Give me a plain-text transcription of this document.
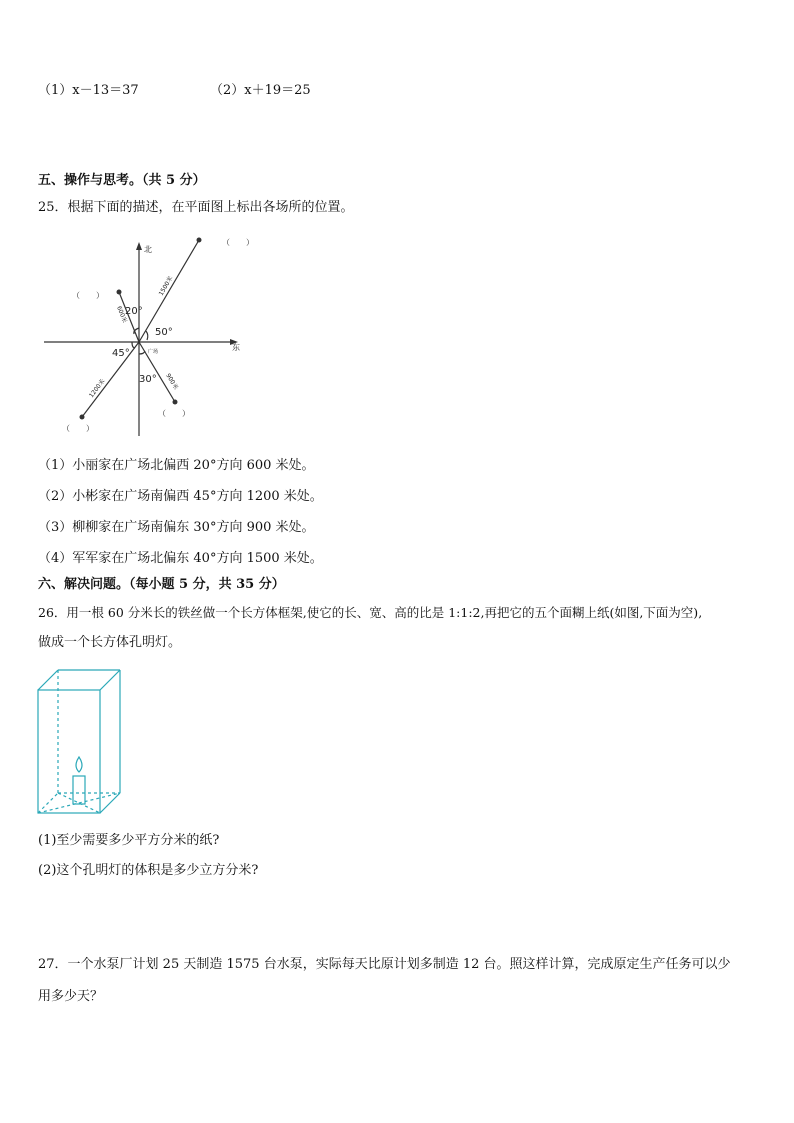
（1）x－13＝37	（2）x＋19＝25
五、操作与思考。（共 5 分）
25．根据下面的描述，在平面图上标出各场所的位置。
北
东
广场
20°
50°
45°
30°
600米
1500米
1200米	900米
（　　）
（　　）
（　　）
（　　）
（1）小丽家在广场北偏西 20°方向 600 米处。
（2）小彬家在广场南偏西 45°方向 1200 米处。
（3）柳柳家在广场南偏东 30°方向 900 米处。
（4）军军家在广场北偏东 40°方向 1500 米处。
六、解决问题。（每小题 5 分，共 35 分）
26．用一根 60 分米长的铁丝做一个长方体框架,使它的长、宽、高的比是 1:1:2,再把它的五个面糊上纸(如图,下面为空),
做成一个长方体孔明灯。
(1)至少需要多少平方分米的纸?
(2)这个孔明灯的体积是多少立方分米?
27．一个水泵厂计划 25 天制造 1575 台水泵，实际每天比原计划多制造 12 台。照这样计算，完成原定生产任务可以少
用多少天？
